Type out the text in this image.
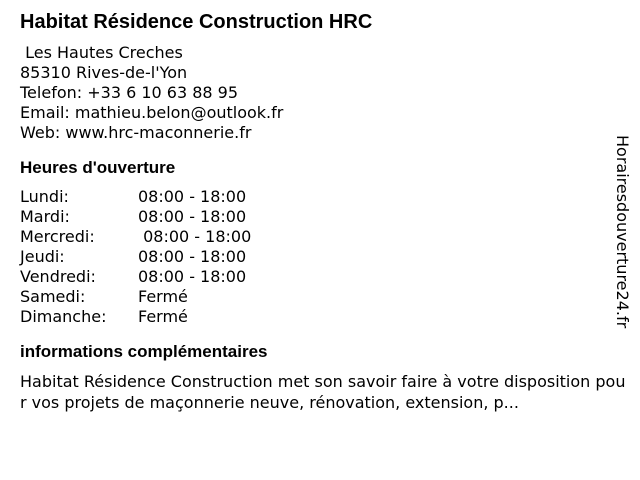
Habitat Résidence Construction HRC
Les Hautes Creches
85310 Rives-de-l'Yon
Telefon: +33 6 10 63 88 95
Email: mathieu.belon@outlook.fr
Web: www.hrc-maconnerie.fr
Heures d'ouverture
Lundi:	08:00 - 18:00
Mardi:	08:00 - 18:00
Mercredi:	08:00 - 18:00
Jeudi:	08:00 - 18:00
Vendredi:	08:00 - 18:00
Samedi:	Fermé
Dimanche:	Fermé
informations complémentaires
Habitat Résidence Construction met son savoir faire à votre disposition pour vos projets de maçonnerie neuve, rénovation, extension, p...
Horairesdouverture24.fr
